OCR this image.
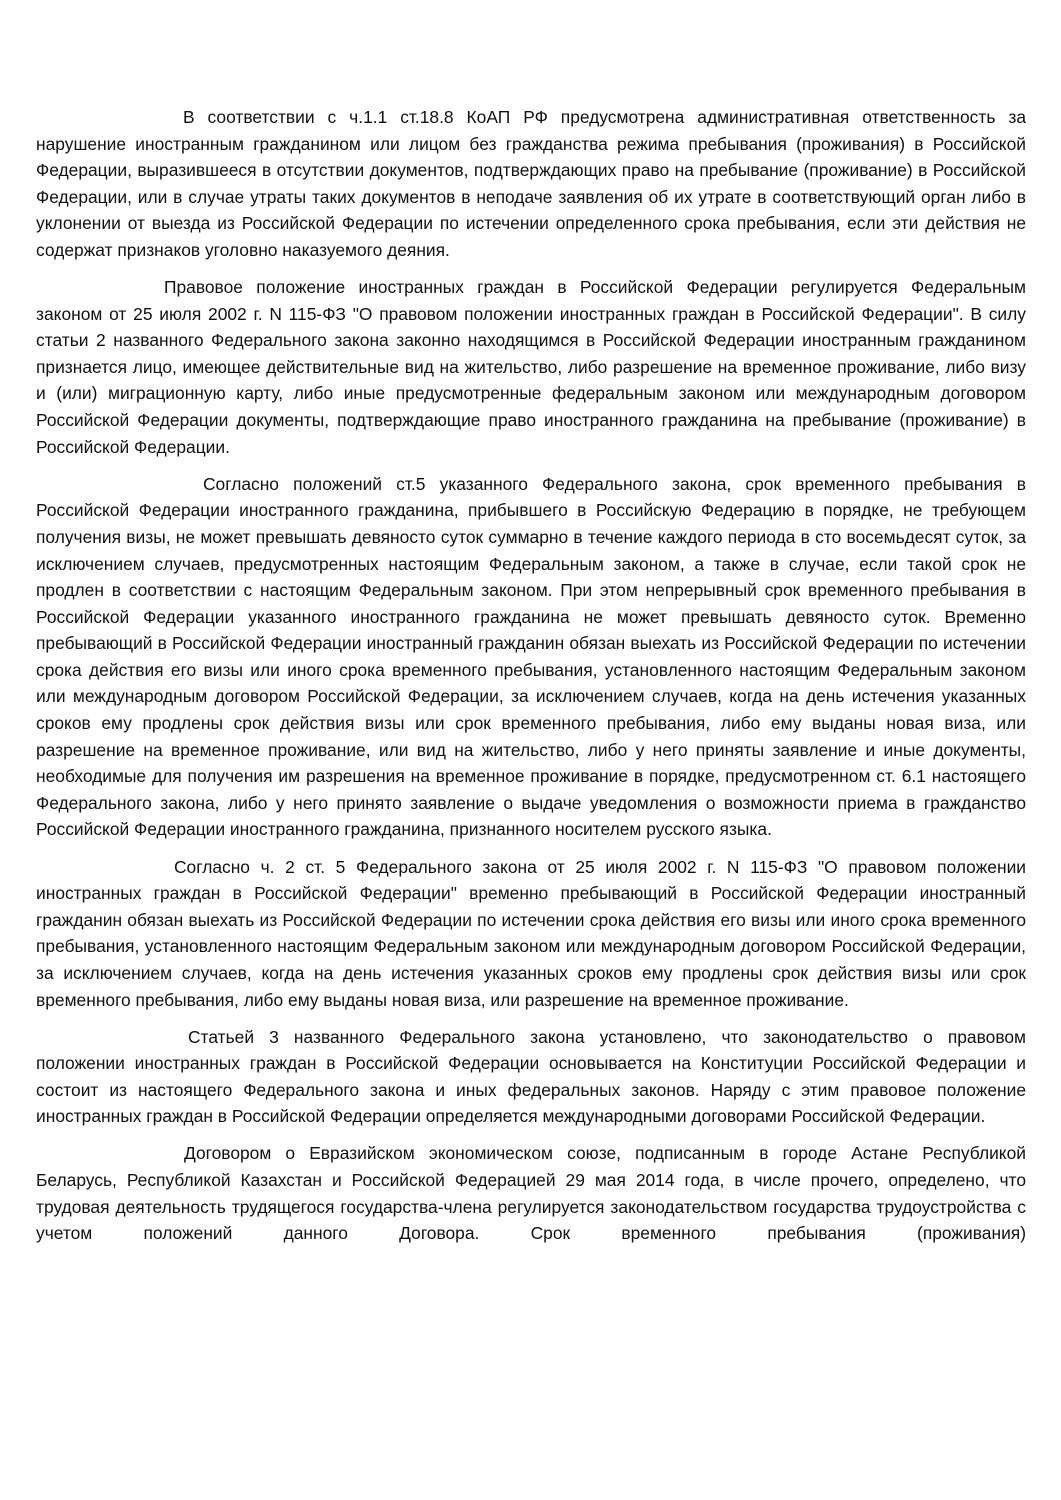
В соответствии с ч.1.1 ст.18.8 КоАП РФ предусмотрена административная ответственность за нарушение иностранным гражданином или лицом без гражданства режима пребывания (проживания) в Российской Федерации, выразившееся в отсутствии документов, подтверждающих право на пребывание (проживание) в Российской Федерации, или в случае утраты таких документов в неподаче заявления об их утрате в соответствующий орган либо в уклонении от выезда из Российской Федерации по истечении определенного срока пребывания, если эти действия не содержат признаков уголовно наказуемого деяния.

Правовое положение иностранных граждан в Российской Федерации регулируется Федеральным законом от 25 июля 2002 г. N 115-ФЗ "О правовом положении иностранных граждан в Российской Федерации". В силу статьи 2 названного Федерального закона законно находящимся в Российской Федерации иностранным гражданином признается лицо, имеющее действительные вид на жительство, либо разрешение на временное проживание, либо визу и (или) миграционную карту, либо иные предусмотренные федеральным законом или международным договором Российской Федерации документы, подтверждающие право иностранного гражданина на пребывание (проживание) в Российской Федерации.

Согласно положений ст.5 указанного Федерального закона, срок временного пребывания в Российской Федерации иностранного гражданина, прибывшего в Российскую Федерацию в порядке, не требующем получения визы, не может превышать девяносто суток суммарно в течение каждого периода в сто восемьдесят суток, за исключением случаев, предусмотренных настоящим Федеральным законом, а также в случае, если такой срок не продлен в соответствии с настоящим Федеральным законом. При этом непрерывный срок временного пребывания в Российской Федерации указанного иностранного гражданина не может превышать девяносто суток. Временно пребывающий в Российской Федерации иностранный гражданин обязан выехать из Российской Федерации по истечении срока действия его визы или иного срока временного пребывания, установленного настоящим Федеральным законом или международным договором Российской Федерации, за исключением случаев, когда на день истечения указанных сроков ему продлены срок действия визы или срок временного пребывания, либо ему выданы новая виза, или разрешение на временное проживание, или вид на жительство, либо у него приняты заявление и иные документы, необходимые для получения им разрешения на временное проживание в порядке, предусмотренном ст. 6.1 настоящего Федерального закона, либо у него принято заявление о выдаче уведомления о возможности приема в гражданство Российской Федерации иностранного гражданина, признанного носителем русского языка.

Согласно ч. 2 ст. 5 Федерального закона от 25 июля 2002 г. N 115-ФЗ "О правовом положении иностранных граждан в Российской Федерации" временно пребывающий в Российской Федерации иностранный гражданин обязан выехать из Российской Федерации по истечении срока действия его визы или иного срока временного пребывания, установленного настоящим Федеральным законом или международным договором Российской Федерации, за исключением случаев, когда на день истечения указанных сроков ему продлены срок действия визы или срок временного пребывания, либо ему выданы новая виза, или разрешение на временное проживание.

Статьей 3 названного Федерального закона установлено, что законодательство о правовом положении иностранных граждан в Российской Федерации основывается на Конституции Российской Федерации и состоит из настоящего Федерального закона и иных федеральных законов. Наряду с этим правовое положение иностранных граждан в Российской Федерации определяется международными договорами Российской Федерации.

Договором о Евразийском экономическом союзе, подписанным в городе Астане Республикой Беларусь, Республикой Казахстан и Российской Федерацией 29 мая 2014 года, в числе прочего, определено, что трудовая деятельность трудящегося государства-члена регулируется законодательством государства трудоустройства с учетом положений данного Договора. Срок временного пребывания (проживания)
